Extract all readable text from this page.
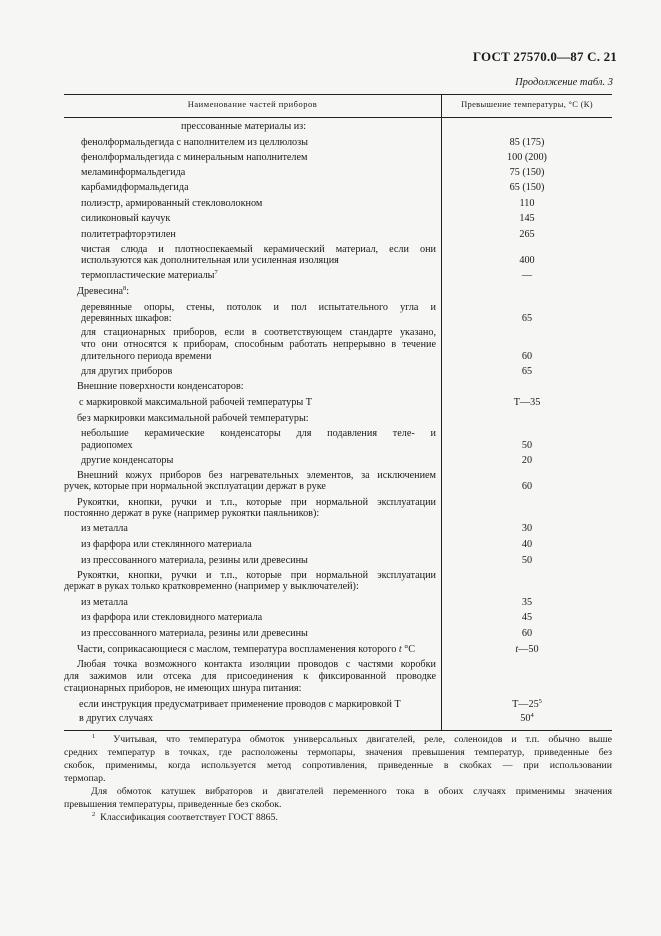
ГОСТ 27570.0—87 С. 21
Продолжение табл. 3
Наименование частей приборов	Превышение температуры, °С (К)
прессованные материалы из:
фенолформальдегида с наполнителем из целлюлозы	85 (175)
фенолформальдегида с минеральным наполнителем	100 (200)
меламинформальдегида	75 (150)
карбамидформальдегида	65 (150)
полиэстр, армированный стекловолокном	110
силиконовый каучук	145
политетрафторэтилен	265
чистая слюда и плотноспекаемый керамический материал, если они
используются как дополнительная или усиленная изоляция	400
термопластические материалы$^7$	—
Древесина$^8$:
деревянные опоры, стены, потолок и пол испытательного угла и
деревянных шкафов:	65
для стационарных приборов, если в соответствующем стандарте указано,
что они относятся к приборам, способным работать непрерывно в течение
длительного периода времени	60
для других приборов	65
Внешние поверхности конденсаторов:
с маркировкой максимальной рабочей температуры Т	Т—35
без маркировки максимальной рабочей температуры:
небольшие керамические конденсаторы для подавления теле- и
радиопомех	50
другие конденсаторы	20
Внешний кожух приборов без нагревательных элементов, за исключением
ручек, которые при нормальной эксплуатации держат в руке	60
Рукоятки, кнопки, ручки и т.п., которые при нормальной эксплуатации
постоянно держат в руке (например рукоятки паяльников):
из металла	30
из фарфора или стеклянного материала	40
из прессованного материала, резины или древесины	50
Рукоятки, кнопки, ручки и т.п., которые при нормальной эксплуатации
держат в руках только кратковременно (например у выключателей):
из металла	35
из фарфора или стекловидного материала	45
из прессованного материала, резины или древесины	60
Части, соприкасающиеся с маслом, температура воспламенения которого t °С	t—50
Любая точка возможного контакта изоляции проводов с частями коробки
для зажимов или отсека для присоединения к фиксированной проводке
стационарных приборов, не имеющих шнура питания:
если инструкция предусматривает применение проводов с маркировкой Т	$Т—25^5$
в других случаях	$50^4$
$^1$ Учитывая, что температура обмоток универсальных двигателей, реле, соленоидов и т.п. обычно выше
средних температур в точках, где расположены термопары, значения превышения температур, приведенные без
скобок, применимы, когда используется метод сопротивления, приведенные в скобках — при использовании
термопар.
Для обмоток катушек вибраторов и двигателей переменного тока в обоих случаях применимы значения
превышения температуры, приведенные без скобок.
$^2$ Классификация соответствует ГОСТ 8865.
